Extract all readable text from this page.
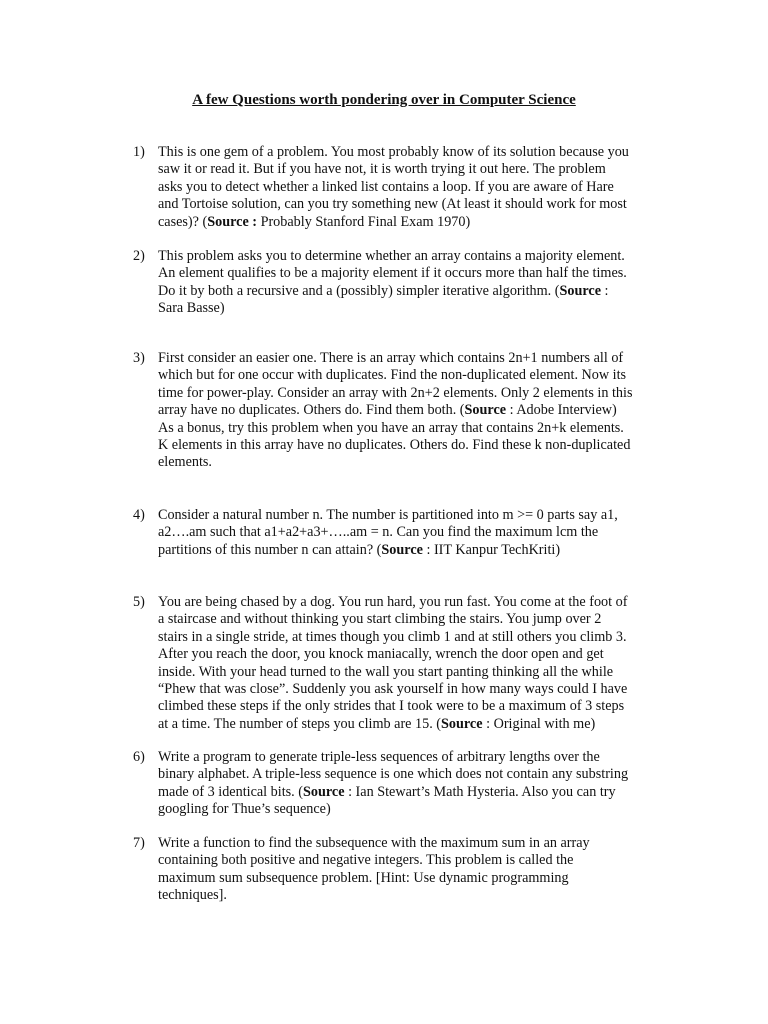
A few Questions worth pondering over in Computer Science
1) This is one gem of a problem. You most probably know of its solution because you saw it or read it. But if you have not, it is worth trying it out here. The problem asks you to detect whether a linked list contains a loop. If you are aware of Hare and Tortoise solution, can you try something new (At least it should work for most cases)? (Source : Probably Stanford Final Exam 1970)

2) This problem asks you to determine whether an array contains a majority element. An element qualifies to be a majority element if it occurs more than half the times. Do it by both a recursive and a (possibly) simpler iterative algorithm. (Source : Sara Basse)

3) First consider an easier one. There is an array which contains 2n+1 numbers all of which but for one occur with duplicates. Find the non-duplicated element. Now its time for power-play. Consider an array with 2n+2 elements. Only 2 elements in this array have no duplicates. Others do. Find them both. (Source : Adobe Interview)

As a bonus, try this problem when you have an array that contains 2n+k elements. K elements in this array have no duplicates. Others do. Find these k non-duplicated elements.

4) Consider a natural number n. The number is partitioned into m >= 0 parts say a1, a2….am such that a1+a2+a3+…..am = n. Can you find the maximum lcm the partitions of this number n can attain? (Source : IIT Kanpur TechKriti)

5) You are being chased by a dog. You run hard, you run fast. You come at the foot of a staircase and without thinking you start climbing the stairs. You jump over 2 stairs in a single stride, at times though you climb 1 and at still others you climb 3. After you reach the door, you knock maniacally, wrench the door open and get inside. With your head turned to the wall you start panting thinking all the while “Phew that was close”. Suddenly you ask yourself in how many ways could I have climbed these steps if the only strides that I took were to be a maximum of 3 steps at a time. The number of steps you climb are 15. (Source : Original with me)

6) Write a program to generate triple-less sequences of arbitrary lengths over the binary alphabet. A triple-less sequence is one which does not contain any substring made of 3 identical bits. (Source : Ian Stewart’s Math Hysteria. Also you can try googling for Thue’s sequence)

7) Write a function to find the subsequence with the maximum sum in an array containing both positive and negative integers. This problem is called the maximum sum subsequence problem. [Hint: Use dynamic programming techniques].
